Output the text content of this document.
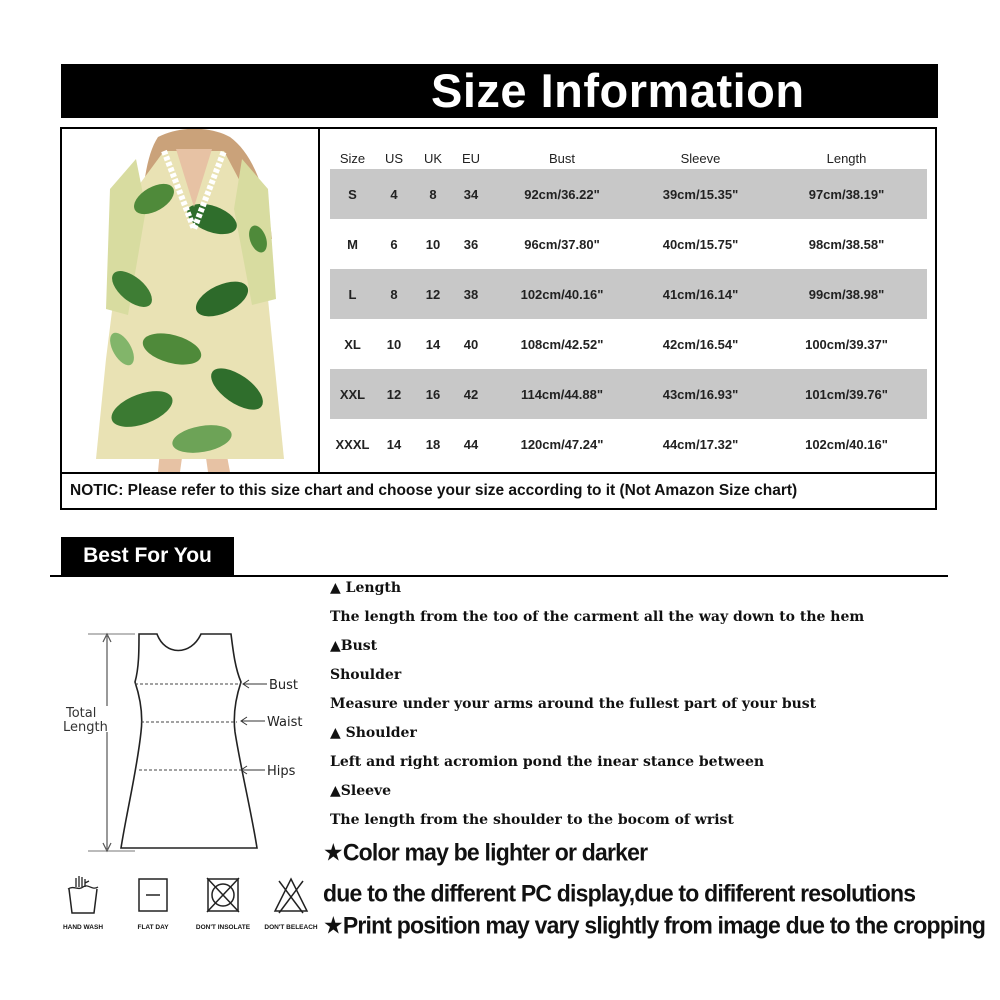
Size Information
Size	US	UK	EU	Bust	Sleeve	Length
S	4	8	34	92cm/36.22"	39cm/15.35"	97cm/38.19"
M	6	10	36	96cm/37.80"	40cm/15.75"	98cm/38.58"
L	8	12	38	102cm/40.16"	41cm/16.14"	99cm/38.98"
XL	10	14	40	108cm/42.52"	42cm/16.54"	100cm/39.37"
XXL	12	16	42	114cm/44.88"	43cm/16.93"	101cm/39.76"
XXXL	14	18	44	120cm/47.24"	44cm/17.32"	102cm/40.16"
NOTIC: Please refer to this size chart and choose your size according to it (Not Amazon Size chart)
Best For You
Total
Length
Bust
Waist
Hips
▲ Length
The length from the too of the carment all the way down to the hem
▲Bust
Shoulder
Measure under your arms around the fullest part of your bust
▲ Shoulder
Left and right acromion pond the inear stance between
▲Sleeve
The length from the shoulder to the bocom of wrist
★Color may be lighter or darker
due to the different PC display,due to dififerent resolutions
★Print position may vary slightly from image due to the cropping
HAND WASH	FLAT DAY	DON'T INSOLATE	DON'T BELEACH
